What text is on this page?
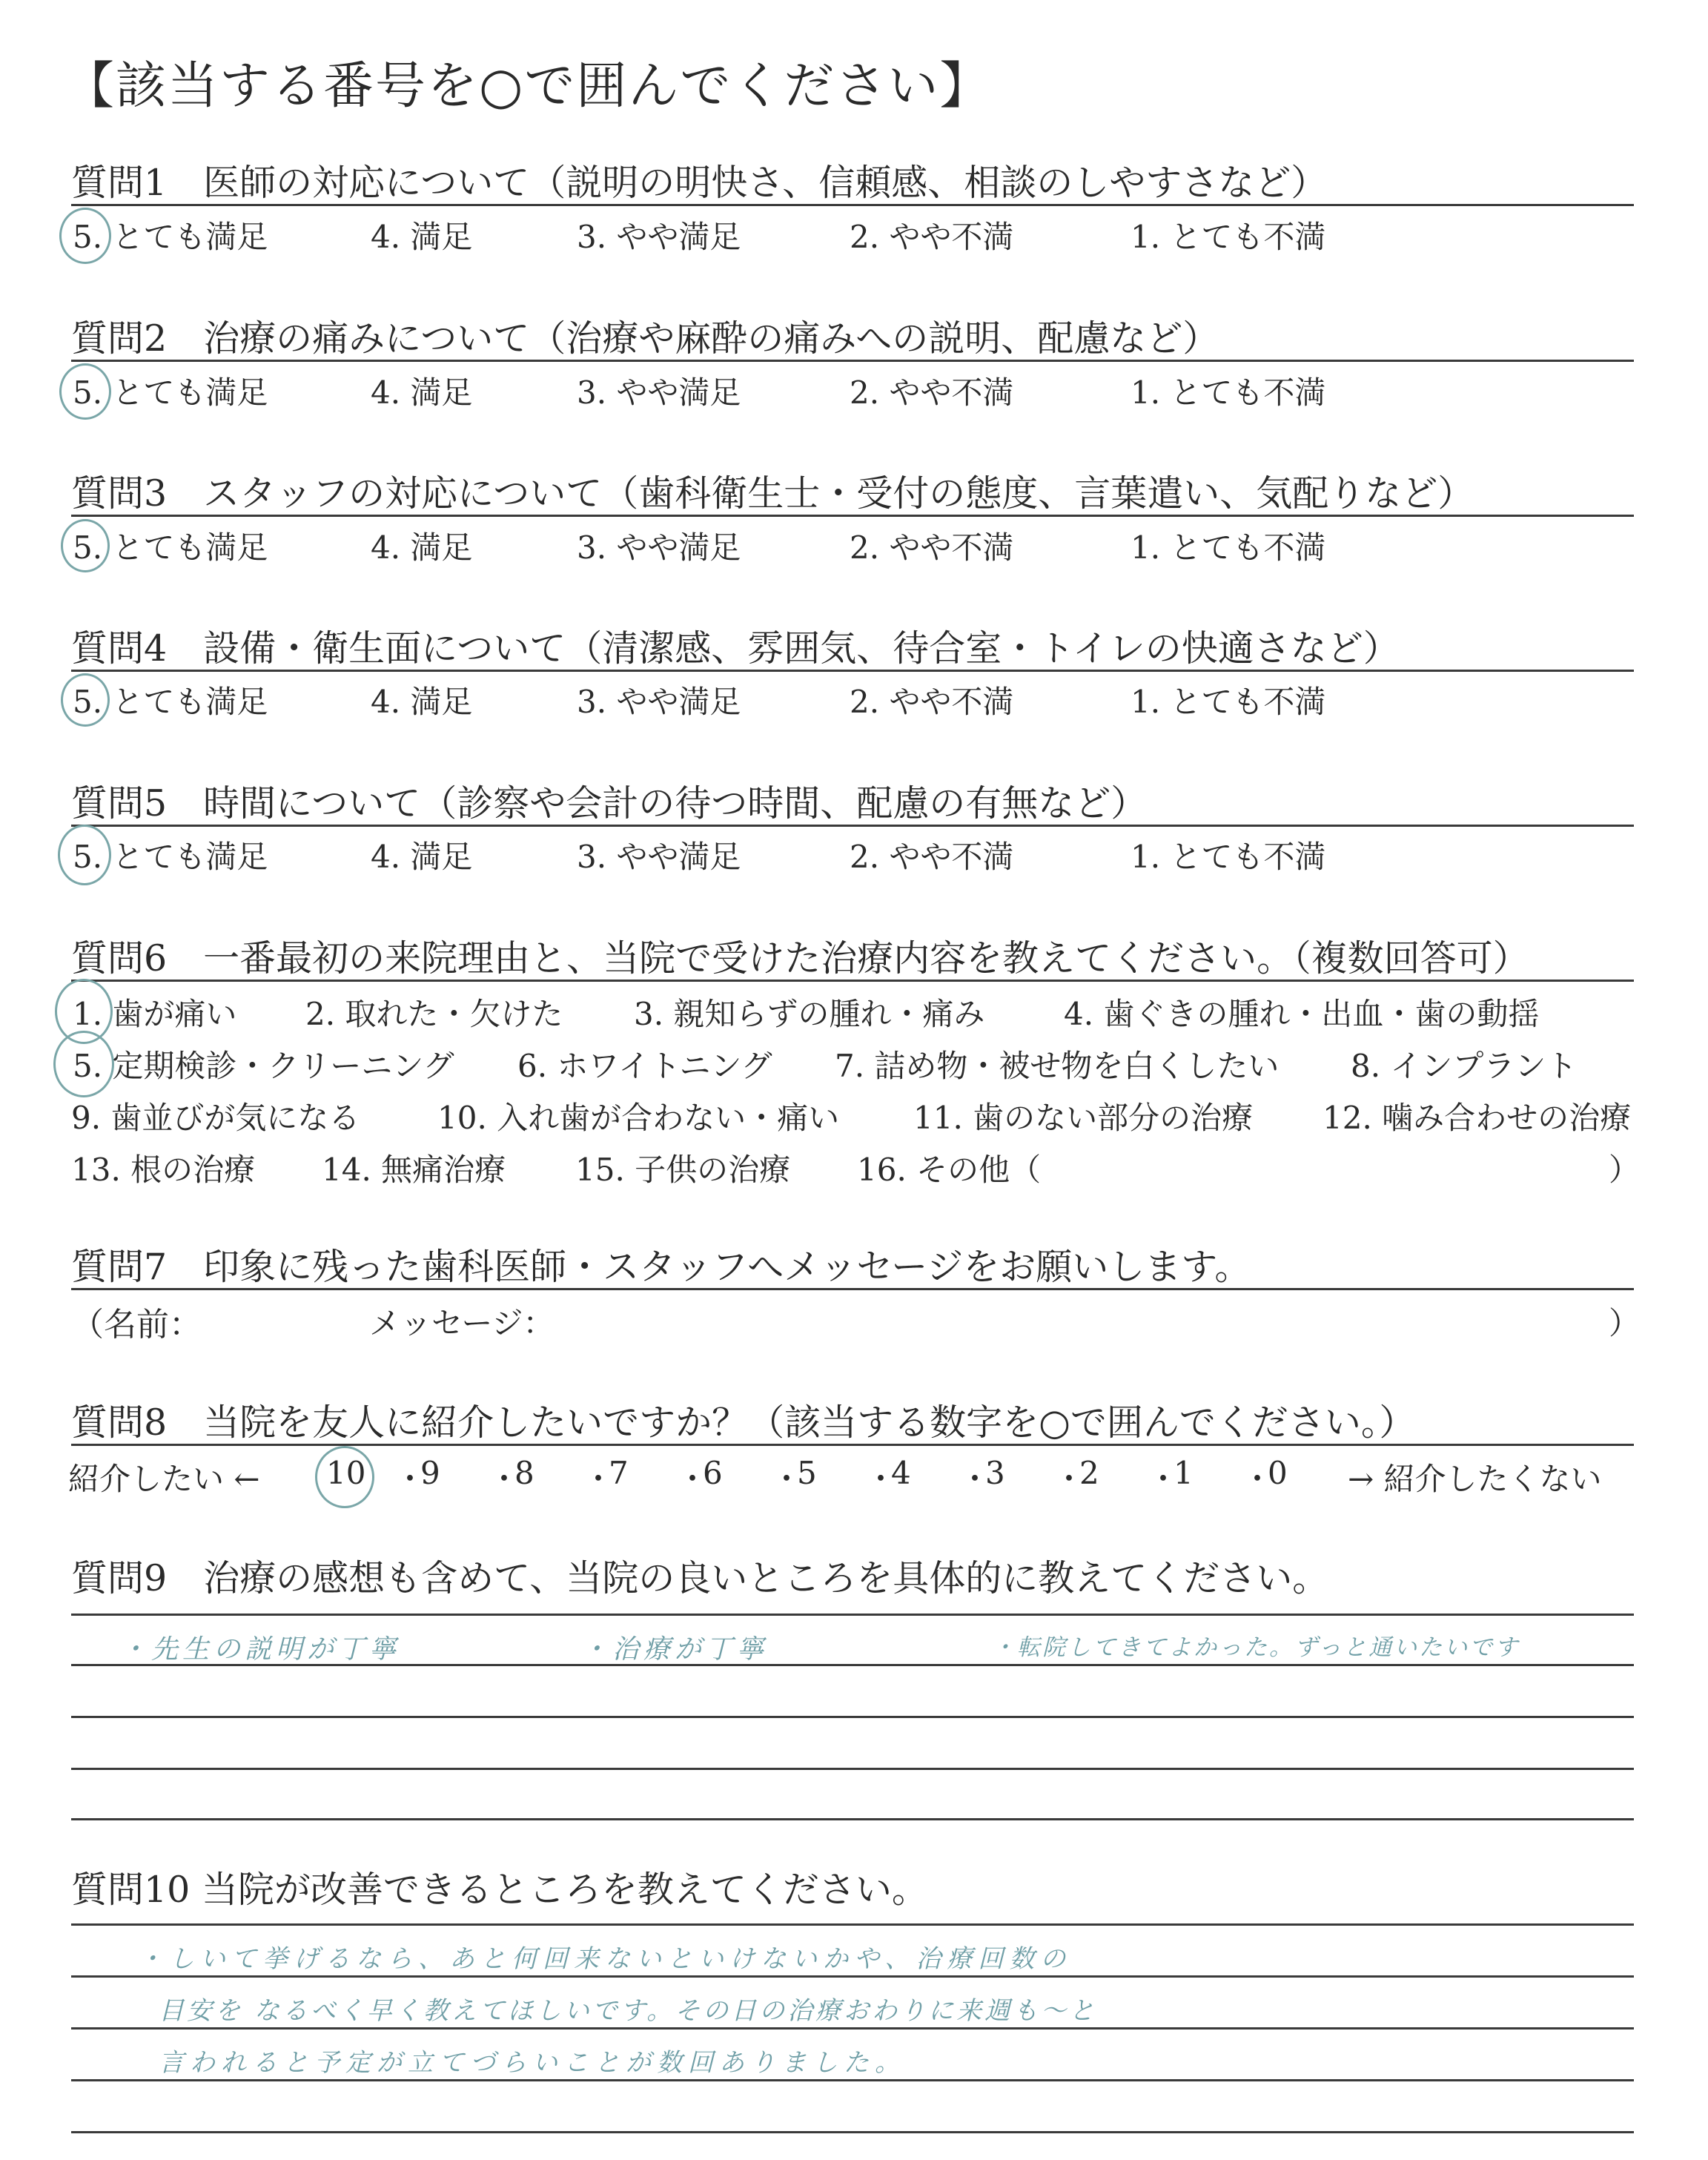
【該当する番号を○で囲んでください】
質問1　医師の対応について（説明の明快さ、信頼感、相談のしやすさなど）
5. とても満足	4. 満足	3. やや満足	2. やや不満	1. とても不満
質問2　治療の痛みについて（治療や麻酔の痛みへの説明、配慮など）
5. とても満足	4. 満足	3. やや満足	2. やや不満	1. とても不満
質問3　スタッフの対応について（歯科衛生士・受付の態度、言葉遣い、気配りなど）
5. とても満足	4. 満足	3. やや満足	2. やや不満	1. とても不満
質問4　設備・衛生面について（清潔感、雰囲気、待合室・トイレの快適さなど）
5. とても満足	4. 満足	3. やや満足	2. やや不満	1. とても不満
質問5　時間について（診察や会計の待つ時間、配慮の有無など）
5. とても満足	4. 満足	3. やや満足	2. やや不満	1. とても不満
質問6　一番最初の来院理由と、当院で受けた治療内容を教えてください。（複数回答可）
1. 歯が痛い 2. 取れた・欠けた 3. 親知らずの腫れ・痛み	4. 歯ぐきの腫れ・出血・歯の動揺
5. 定期検診・クリーニング 6. ホワイトニング 7. 詰め物・被せ物を白くしたい 8. インプラント
9. 歯並びが気になる 10. 入れ歯が合わない・痛い 11. 歯のない部分の治療 12. 噛み合わせの治療
13. 根の治療 14. 無痛治療 15. 子供の治療 16. その他（	）
質問7　印象に残った歯科医師・スタッフへメッセージをお願いします。
（名前：	メッセージ：	）
質問8　当院を友人に紹介したいですか？（該当する数字を○で囲んでください。）
紹介したい ← 10 ・
9 ・
8 ・
7 ・
6 ・
5 ・
4 ・
3 ・
2 ・
1 ・
0 → 紹介したくない
質問9　治療の感想も含めて、当院の良いところを具体的に教えてください。
・先生の説明が丁寧	・治療が丁寧	・転院してきてよかった。ずっと通いたいです
質問10 当院が改善できるところを教えてください。
・しいて挙げるなら、あと何回来ないといけないかや、治療回数の
目安を なるべく早く教えてほしいです。その日の治療おわりに来週も〜と
言われると予定が立てづらいことが数回ありました。
